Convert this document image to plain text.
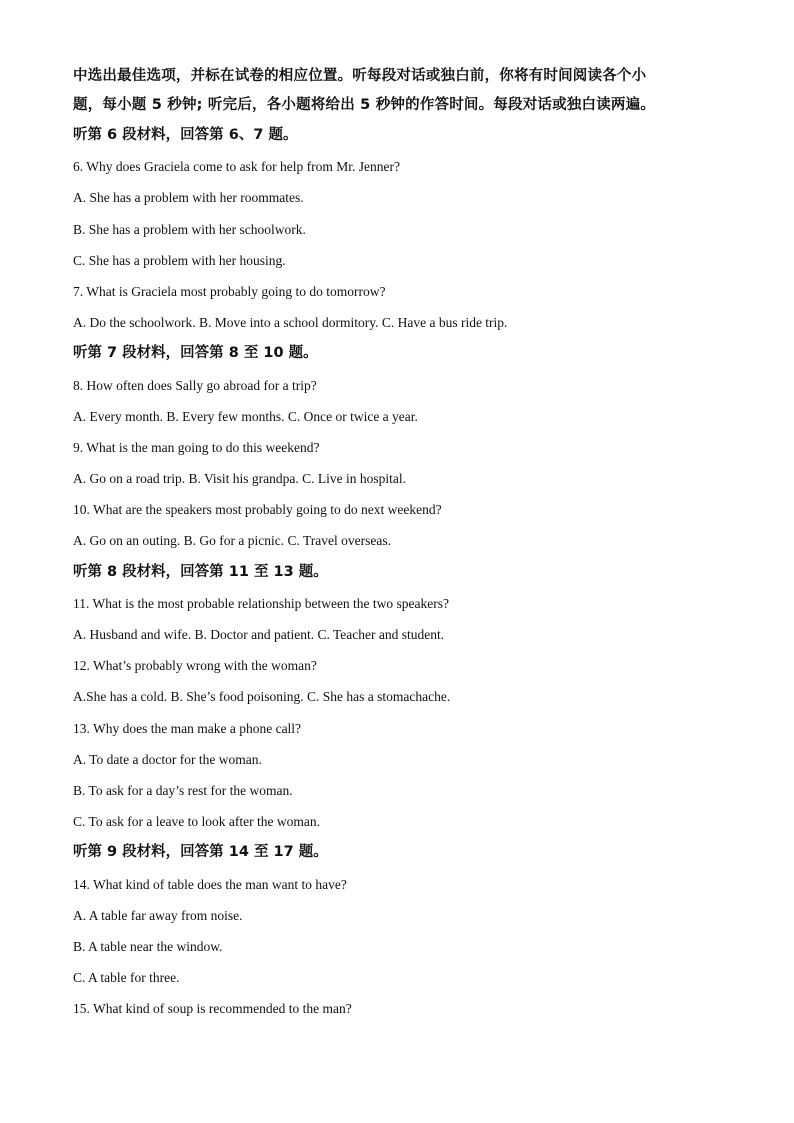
中选出最佳选项，并标在试卷的相应位置。听每段对话或独白前，你将有时间阅读各个小

题，每小题 5 秒钟; 听完后，各小题将给出 5 秒钟的作答时间。每段对话或独白读两遍。

听第 6 段材料，回答第 6、7 题。

6. Why does Graciela come to ask for help from Mr. Jenner?

A. She has a problem with her roommates.

B. She has a problem with her schoolwork.

C. She has a problem with her housing.

7. What is Graciela most probably going to do tomorrow?

A. Do the schoolwork. B. Move into a school dormitory. C. Have a bus ride trip.

听第 7 段材料，回答第 8 至 10 题。

8. How often does Sally go abroad for a trip?

A. Every month. B. Every few months. C. Once or twice a year.

9. What is the man going to do this weekend?

A. Go on a road trip. B. Visit his grandpa. C. Live in hospital.

10. What are the speakers most probably going to do next weekend?

A. Go on an outing. B. Go for a picnic. C. Travel overseas.

听第 8 段材料，回答第 11 至 13 题。

11. What is the most probable relationship between the two speakers?

A. Husband and wife. B. Doctor and patient. C. Teacher and student.

12. What’s probably wrong with the woman?

A.She has a cold. B. She’s food poisoning. C. She has a stomachache.

13. Why does the man make a phone call?

A. To date a doctor for the woman.

B. To ask for a day’s rest for the woman.

C. To ask for a leave to look after the woman.

听第 9 段材料，回答第 14 至 17 题。

14. What kind of table does the man want to have?

A. A table far away from noise.

B. A table near the window.

C. A table for three.

15. What kind of soup is recommended to the man?
